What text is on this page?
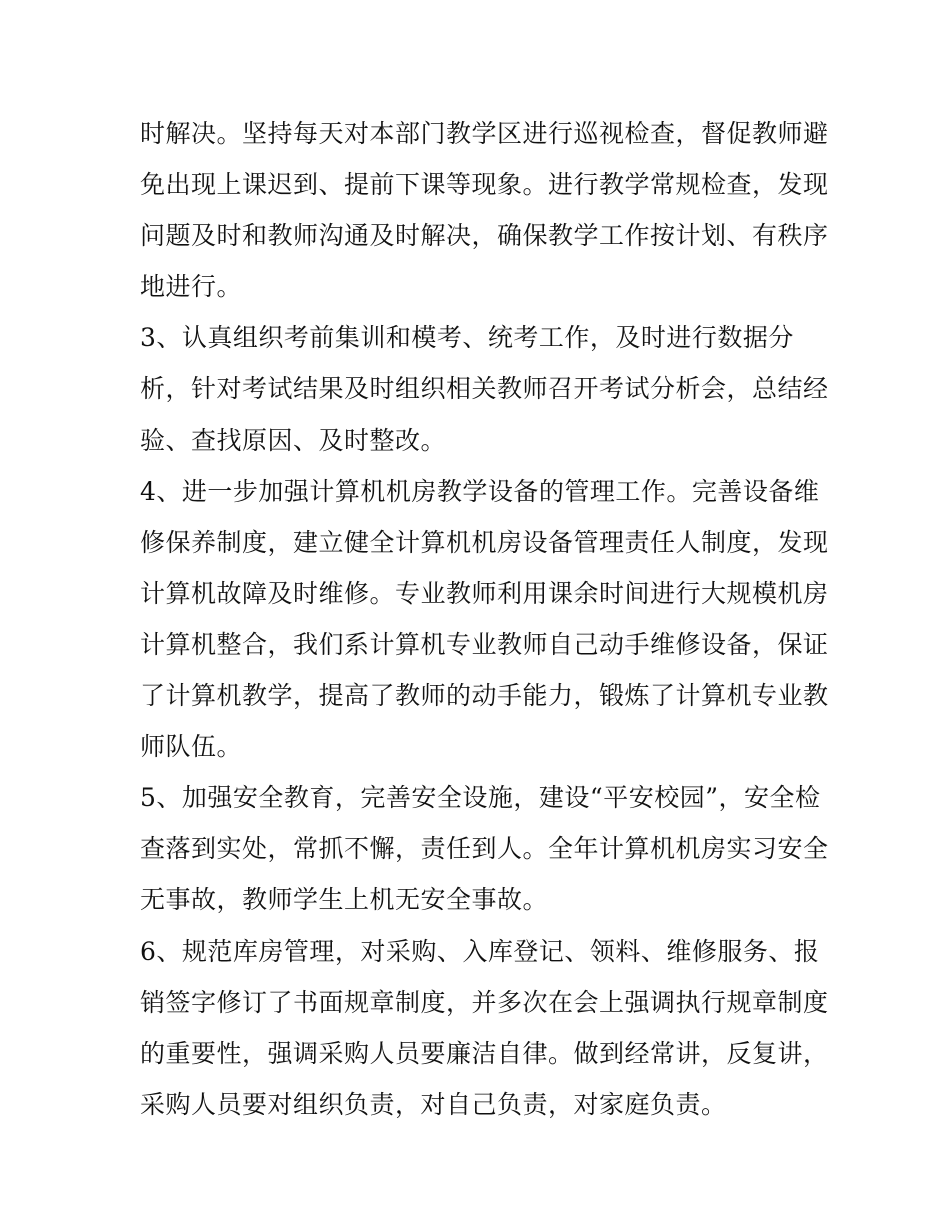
时解决。坚持每天对本部门教学区进行巡视检查，督促教师避
免出现上课迟到、提前下课等现象。进行教学常规检查，发现
问题及时和教师沟通及时解决，确保教学工作按计划、有秩序
地进行。
3、认真组织考前集训和模考、统考工作，及时进行数据分
析，针对考试结果及时组织相关教师召开考试分析会，总结经
验、查找原因、及时整改。
4、进一步加强计算机机房教学设备的管理工作。完善设备维
修保养制度，建立健全计算机机房设备管理责任人制度，发现
计算机故障及时维修。专业教师利用课余时间进行大规模机房
计算机整合，我们系计算机专业教师自己动手维修设备，保证
了计算机教学，提高了教师的动手能力，锻炼了计算机专业教
师队伍。
5、加强安全教育，完善安全设施，建设“平安校园”，安全检
查落到实处，常抓不懈，责任到人。全年计算机机房实习安全
无事故，教师学生上机无安全事故。
6、规范库房管理，对采购、入库登记、领料、维修服务、报
销签字修订了书面规章制度，并多次在会上强调执行规章制度
的重要性，强调采购人员要廉洁自律。做到经常讲，反复讲，
采购人员要对组织负责，对自己负责，对家庭负责。
